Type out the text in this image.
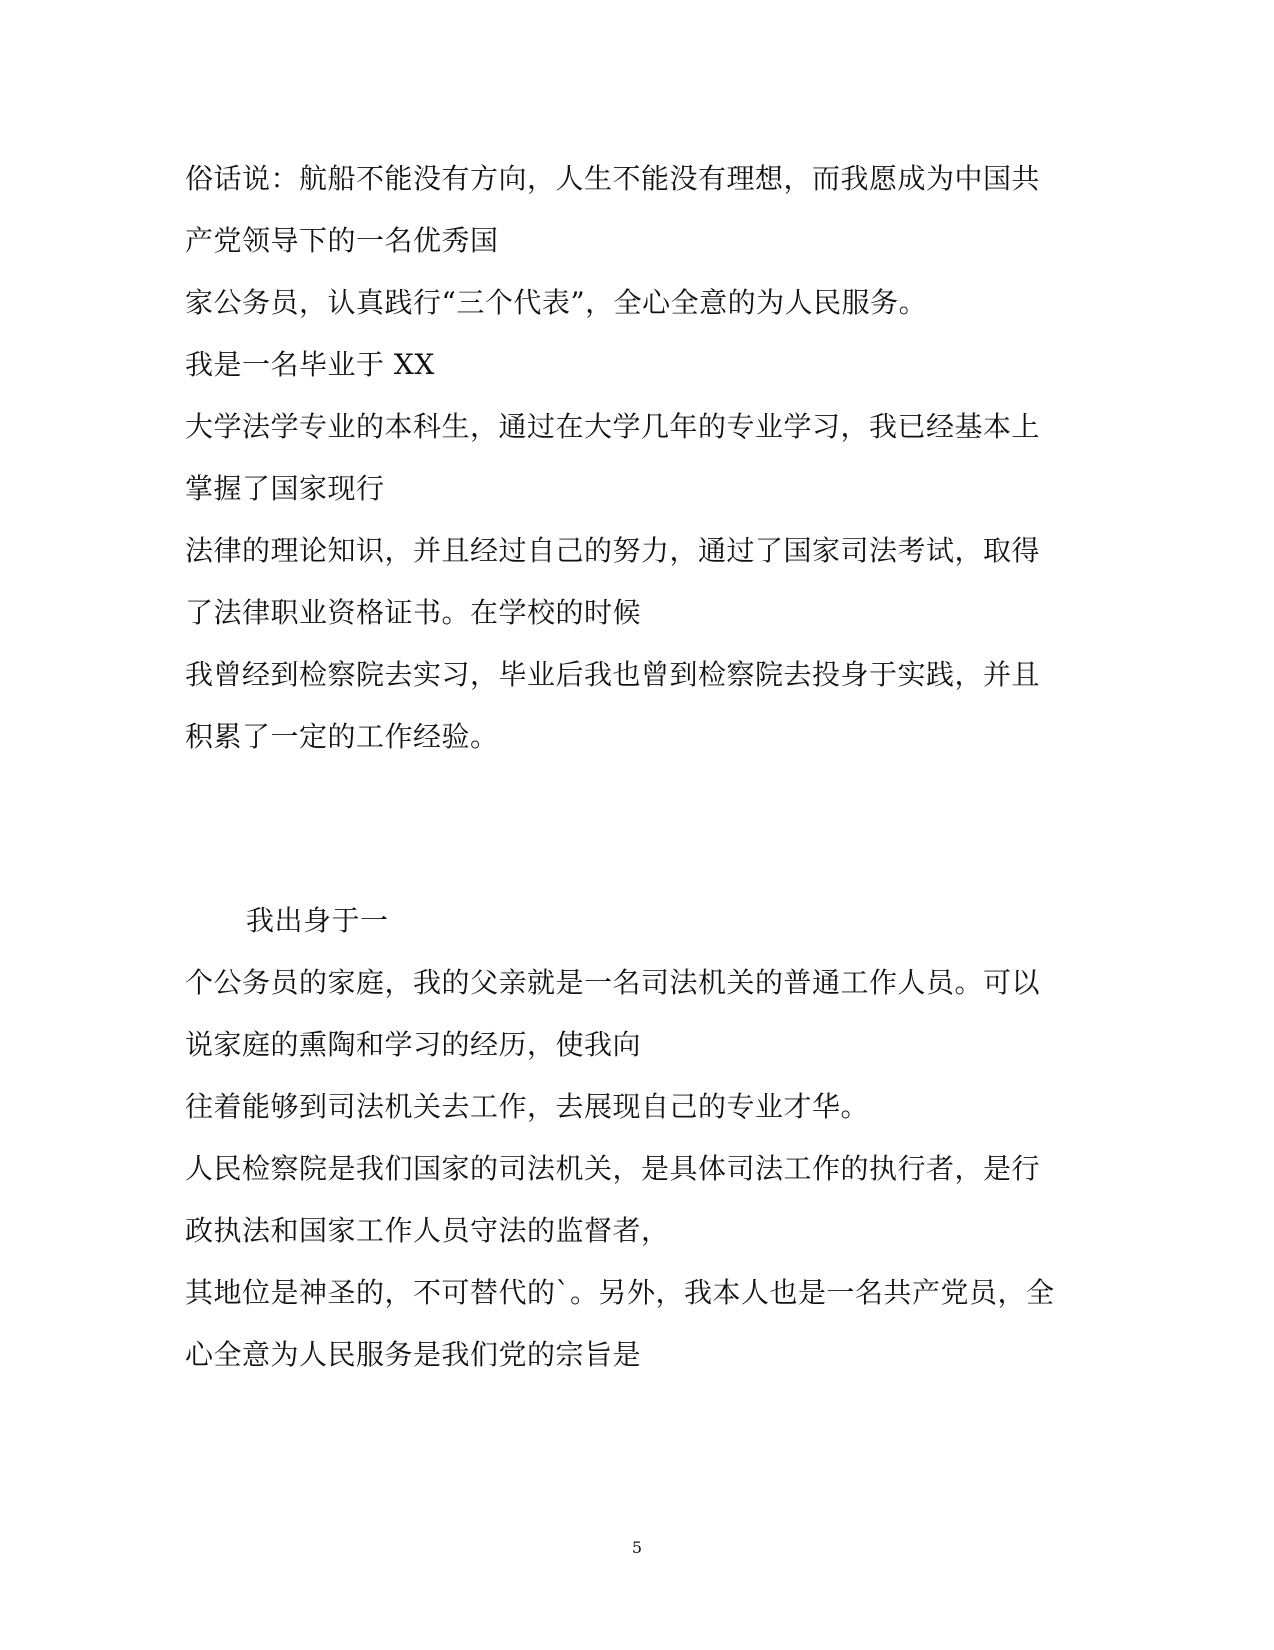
俗话说：航船不能没有方向，人生不能没有理想，而我愿成为中国共
产党领导下的一名优秀国
家公务员，认真践行“三个代表”，全心全意的为人民服务。
我是一名毕业于 XX
大学法学专业的本科生，通过在大学几年的专业学习，我已经基本上
掌握了国家现行
法律的理论知识，并且经过自己的努力，通过了国家司法考试，取得
了法律职业资格证书。在学校的时候
我曾经到检察院去实习，毕业后我也曾到检察院去投身于实践，并且
积累了一定的工作经验。
我出身于一
个公务员的家庭，我的父亲就是一名司法机关的普通工作人员。可以
说家庭的熏陶和学习的经历，使我向
往着能够到司法机关去工作，去展现自己的专业才华。
人民检察院是我们国家的司法机关，是具体司法工作的执行者，是行
政执法和国家工作人员守法的监督者，
其地位是神圣的，不可替代的`。另外，我本人也是一名共产党员，全
心全意为人民服务是我们党的宗旨是
5
